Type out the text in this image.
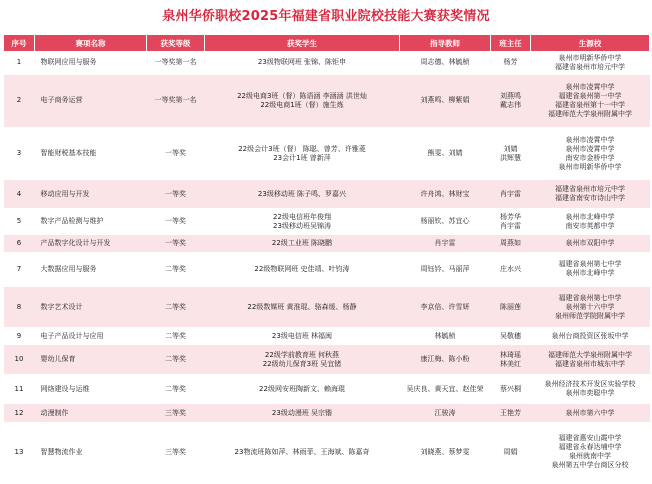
泉州华侨职校2025年福建省职业院校技能大赛获奖情况
序号	赛项名称	获奖等级	获奖学生	指导教师	班主任	生源校
1	物联网应用与服务	一等奖第一名	23级物联网班 张锦、陈钜申	周志德、林毓桢	杨芳	泉州市明新华侨中学
福建省泉州市培元中学
2	电子商务运营	一等奖第一名	22级电商3班（督）陈语涵 李涵涵 洪世灿
22级电商1班（督）施生炼	刘燕鸣、柳紫娟	刘燕鸣
戴志伟	泉州市凌霄中学
福建省泉州第一中学
福建省泉州第十一中学
福建师范大学泉州附属中学
3	智能财税基本技能	一等奖	22级会计3班（督） 陈聪、曾芳、许雅菱
23会计1班 曾新萍	熊雯、刘婧	刘婧
洪辉慧	泉州市凌霄中学
泉州市凌霄中学
南安市金桥中学
泉州市明新华侨中学
4	移动应用与开发	一等奖	23级移动班 陈子鸣、罗嘉兴	许舟鸿、林财宝	肖宇雷	福建省泉州市培元中学
福建省南安市诗山中学
5	数字产品检测与维护	一等奖	22级电信班年俊翔
23级移动班吴锦涛	杨丽钦、苏宜心	杨芳华
肖宇雷	泉州市北峰中学
南安市英都中学
6	产品数字化设计与开发	一等奖	22级工业班 陈晓鹏	肖宇雷	周燕如	泉州市双阳中学
7	大数据应用与服务	二等奖	22级物联网班 史佳靖、叶钧涛	周钰钤、马丽萍	庄水兴	福建省泉州第七中学
泉州市北峰中学
8	数字艺术设计	二等奖	22级数媒班 黄淮琨、骆森缓、杨静	李京倍、许雪妍	陈丽莲	福建省泉州第七中学
泉州第十六中学
泉州师范学院附属中学
9	电子产品设计与应用	二等奖	23级电信班 林福闽	林毓桢	吴敬穗	泉州台商投资区张坂中学
10	婴幼儿保育	二等奖	22级学前教育班 何秋燕
22级幼儿保育3班 吴宜锗	康江梅、陈小粉	林琦瑶
林美红	福建师范大学泉州附属中学
福建省泉州市城东中学
11	网络建设与运维	二等奖	22级网安班陶新文、赖海琨	吴庆良、黄天宜、赵佳荣	蔡兴桐	泉州经济技术开发区实验学校
泉州市奕聪中学
12	动漫制作	三等奖	23级动漫班 吴宗锴	江骏涛	王艳芳	泉州市第六中学
13	智慧物流作业	三等奖	23物流班陈如萍、林雨菲、王海斌、陈嘉奇	刘晓燕、蔡梦雯	周娟	福建省惠安山霞中学
福建省永春达埔中学
泉州就南中学
泉州第五中学台商区分校
